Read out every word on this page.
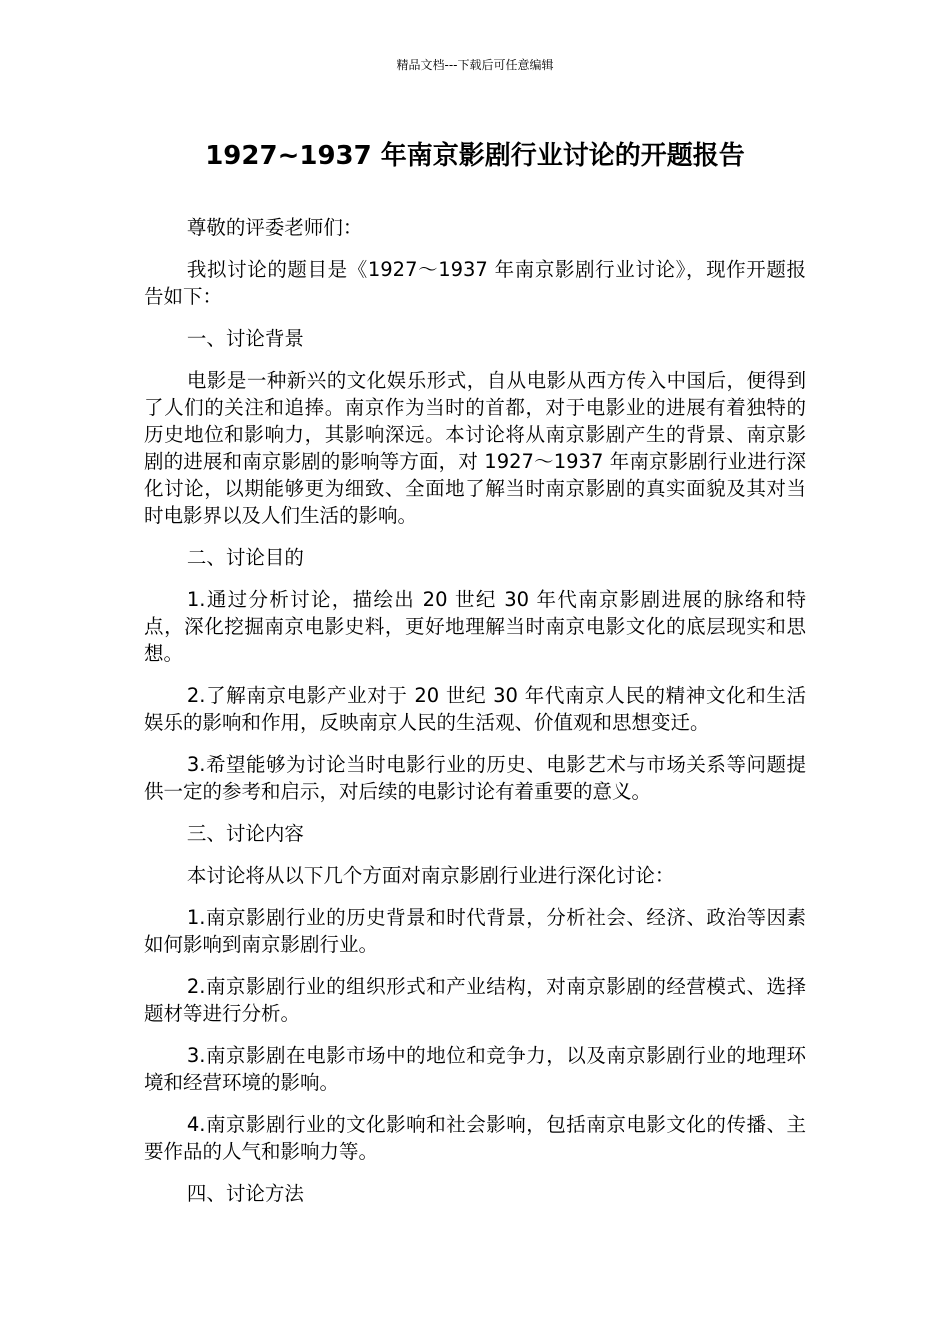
精品文档---下载后可任意编辑
1927~1937 年南京影剧行业讨论的开题报告

尊敬的评委老师们：

我拟讨论的题目是《1927～1937 年南京影剧行业讨论》，现作开题报告如下：

一、讨论背景

电影是一种新兴的文化娱乐形式，自从电影从西方传入中国后，便得到了人们的关注和追捧。南京作为当时的首都，对于电影业的进展有着独特的历史地位和影响力，其影响深远。本讨论将从南京影剧产生的背景、南京影剧的进展和南京影剧的影响等方面，对 1927～1937 年南京影剧行业进行深化讨论，以期能够更为细致、全面地了解当时南京影剧的真实面貌及其对当时电影界以及人们生活的影响。

二、讨论目的

1.通过分析讨论，描绘出 20 世纪 30 年代南京影剧进展的脉络和特点，深化挖掘南京电影史料，更好地理解当时南京电影文化的底层现实和思想。

2.了解南京电影产业对于 20 世纪 30 年代南京人民的精神文化和生活娱乐的影响和作用，反映南京人民的生活观、价值观和思想变迁。

3.希望能够为讨论当时电影行业的历史、电影艺术与市场关系等问题提供一定的参考和启示，对后续的电影讨论有着重要的意义。

三、讨论内容

本讨论将从以下几个方面对南京影剧行业进行深化讨论：

1.南京影剧行业的历史背景和时代背景，分析社会、经济、政治等因素如何影响到南京影剧行业。

2.南京影剧行业的组织形式和产业结构，对南京影剧的经营模式、选择题材等进行分析。

3.南京影剧在电影市场中的地位和竞争力，以及南京影剧行业的地理环境和经营环境的影响。

4.南京影剧行业的文化影响和社会影响，包括南京电影文化的传播、主要作品的人气和影响力等。

四、讨论方法
